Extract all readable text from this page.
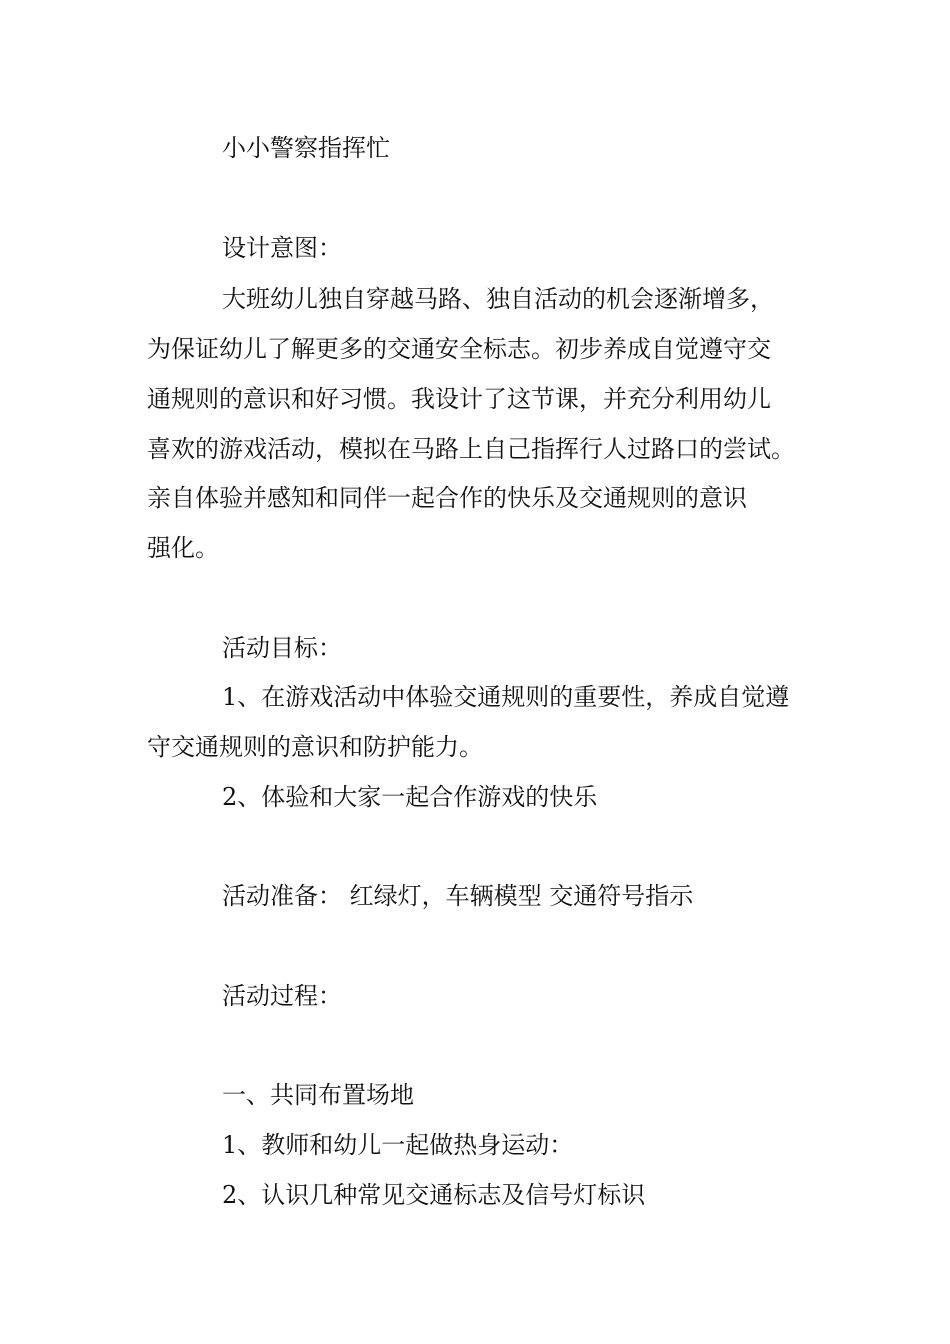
小小警察指挥忙
设计意图：
大班幼儿独自穿越马路、独自活动的机会逐渐增多，
为保证幼儿了解更多的交通安全标志。初步养成自觉遵守交
通规则的意识和好习惯。我设计了这节课，并充分利用幼儿
喜欢的游戏活动，模拟在马路上自己指挥行人过路口的尝试。
亲自体验并感知和同伴一起合作的快乐及交通规则的意识
强化。
活动目标：
1、在游戏活动中体验交通规则的重要性，养成自觉遵
守交通规则的意识和防护能力。
2、体验和大家一起合作游戏的快乐
活动准备： 红绿灯，车辆模型 交通符号指示
活动过程：
一、共同布置场地
1、教师和幼儿一起做热身运动：
2、认识几种常见交通标志及信号灯标识
